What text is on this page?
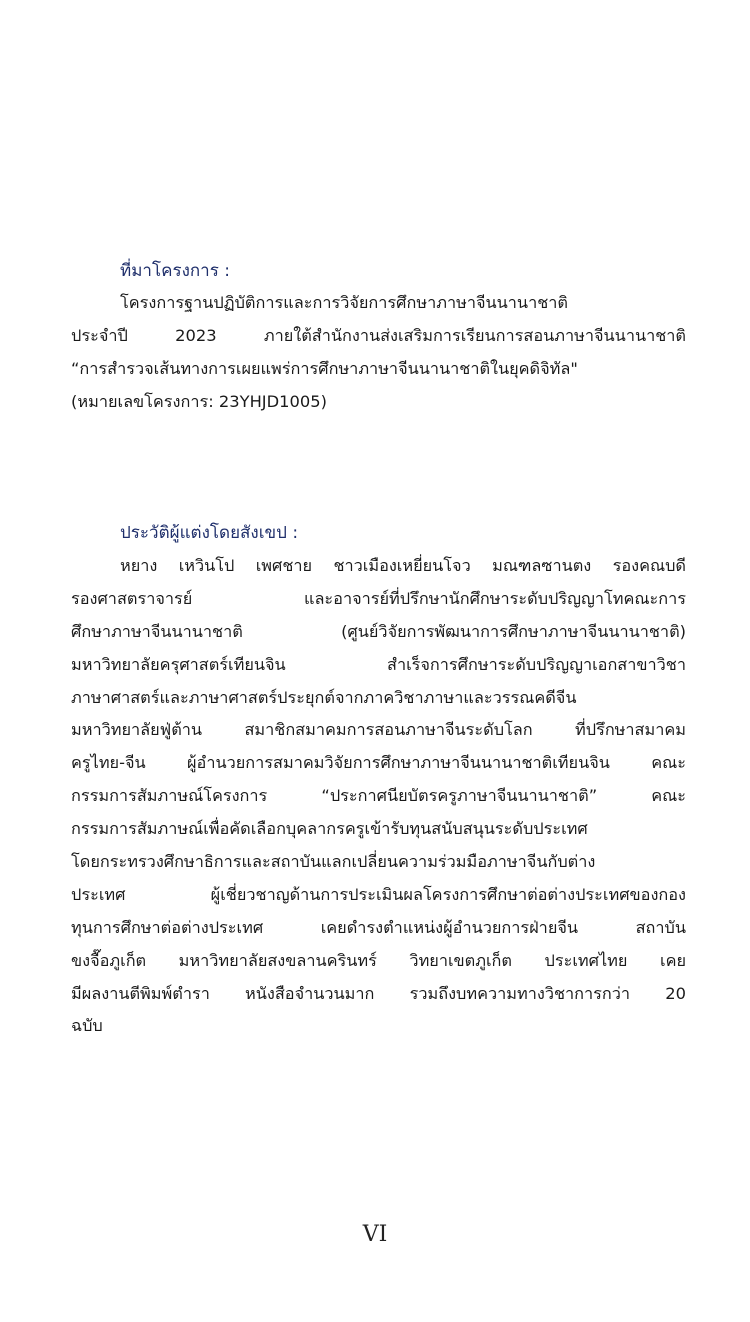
ที่มาโครงการ :

โครงการฐานปฏิบัติการและการวิจัยการศึกษาภาษาจีนนานาชาติ
ประจำปี 2023 ภายใต้สำนักงานส่งเสริมการเรียนการสอนภาษาจีนนานาชาติ
“การสำรวจเส้นทางการเผยแพร่การศึกษาภาษาจีนนานาชาติในยุคดิจิทัล"
(หมายเลขโครงการ: 23YHJD1005)

ประวัติผู้แต่งโดยสังเขป :

หยาง เหวินโป เพศชาย ชาวเมืองเหยี่ยนโจว มณฑลซานตง รองคณบดี
รองศาสตราจารย์ และอาจารย์ที่ปรึกษานักศึกษาระดับปริญญาโทคณะการ
ศึกษาภาษาจีนนานาชาติ (ศูนย์วิจัยการพัฒนาการศึกษาภาษาจีนนานาชาติ)
มหาวิทยาลัยครุศาสตร์เทียนจิน สำเร็จการศึกษาระดับปริญญาเอกสาขาวิชา
ภาษาศาสตร์และภาษาศาสตร์ประยุกต์จากภาควิชาภาษาและวรรณคดีจีน
มหาวิทยาลัยฟู่ต้าน สมาชิกสมาคมการสอนภาษาจีนระดับโลก ที่ปรึกษาสมาคม
ครูไทย-จีน ผู้อำนวยการสมาคมวิจัยการศึกษาภาษาจีนนานาชาติเทียนจิน คณะ
กรรมการสัมภาษณ์โครงการ “ประกาศนียบัตรครูภาษาจีนนานาชาติ” คณะ
กรรมการสัมภาษณ์เพื่อคัดเลือกบุคลากรครูเข้ารับทุนสนับสนุนระดับประเทศ
โดยกระทรวงศึกษาธิการและสถาบันแลกเปลี่ยนความร่วมมือภาษาจีนกับต่าง
ประเทศ ผู้เชี่ยวชาญด้านการประเมินผลโครงการศึกษาต่อต่างประเทศของกอง
ทุนการศึกษาต่อต่างประเทศ เคยดำรงตำแหน่งผู้อำนวยการฝ่ายจีน สถาบัน
ขงจื๊อภูเก็ต มหาวิทยาลัยสงขลานครินทร์ วิทยาเขตภูเก็ต ประเทศไทย เคย
มีผลงานตีพิมพ์ตำรา หนังสือจำนวนมาก รวมถึงบทความทางวิชาการกว่า 20
ฉบับ

VI
